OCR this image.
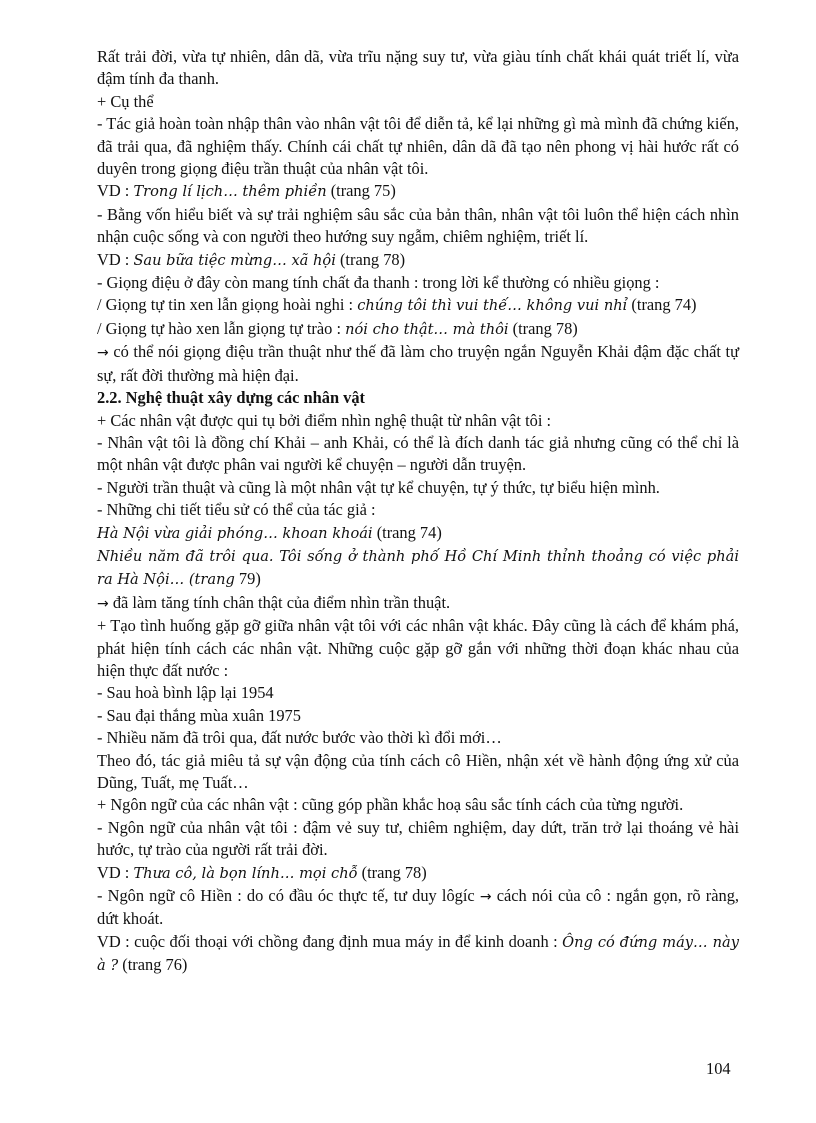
Rất trải đời, vừa tự nhiên, dân dã, vừa trĩu nặng suy tư, vừa giàu tính chất khái quát triết lí, vừa đậm tính đa thanh.

+ Cụ thể

- Tác giả hoàn toàn nhập thân vào nhân vật tôi để diễn tả, kể lại những gì mà mình đã chứng kiến, đã trải qua, đã nghiệm thấy. Chính cái chất tự nhiên, dân dã đã tạo nên phong vị hài hước rất có duyên trong giọng điệu trần thuật của nhân vật tôi.

VD : Trong lí lịch… thêm phiền (trang 75)

- Bằng vốn hiểu biết và sự trải nghiệm sâu sắc của bản thân, nhân vật tôi luôn thể hiện cách nhìn nhận cuộc sống và con người theo hướng suy ngẫm, chiêm nghiệm, triết lí.

VD : Sau bữa tiệc mừng… xã hội (trang 78)

- Giọng điệu ở đây còn mang tính chất đa thanh : trong lời kể thường có nhiều giọng :

/ Giọng tự tin xen lẫn giọng hoài nghi : chúng tôi thì vui thế… không vui nhỉ (trang 74)

/ Giọng tự hào xen lẫn giọng tự trào : nói cho thật… mà thôi (trang 78)

→ có thể nói giọng điệu trần thuật như thế đã làm cho truyện ngắn Nguyễn Khải đậm đặc chất tự sự, rất đời thường mà hiện đại.

2.2. Nghệ thuật xây dựng các nhân vật

+ Các nhân vật được qui tụ bởi điểm nhìn nghệ thuật từ nhân vật tôi :

- Nhân vật tôi là đồng chí Khải – anh Khải, có thể là đích danh tác giả nhưng cũng có thể chỉ là một nhân vật được phân vai người kể chuyện – người dẫn truyện.

- Người trần thuật và cũng là một nhân vật tự kể chuyện, tự ý thức, tự biểu hiện mình.

- Những chi tiết tiểu sử có thể của tác giả :

Hà Nội vừa giải phóng… khoan khoái (trang 74)

Nhiều năm đã trôi qua. Tôi sống ở thành phố Hồ Chí Minh thỉnh thoảng có việc phải ra Hà Nội… (trang 79)

→ đã làm tăng tính chân thật của điểm nhìn trần thuật.

+ Tạo tình huống gặp gỡ giữa nhân vật tôi với các nhân vật khác. Đây cũng là cách để khám phá, phát hiện tính cách các nhân vật. Những cuộc gặp gỡ gắn với những thời đoạn khác nhau của hiện thực đất nước :

- Sau hoà bình lập lại 1954

- Sau đại thắng mùa xuân 1975

- Nhiều năm đã trôi qua, đất nước bước vào thời kì đổi mới…

Theo đó, tác giả miêu tả sự vận động của tính cách cô Hiền, nhận xét về hành động ứng xử của Dũng, Tuất, mẹ Tuất…

+ Ngôn ngữ của các nhân vật : cũng góp phần khắc hoạ sâu sắc tính cách của từng người.

- Ngôn ngữ của nhân vật tôi : đậm vẻ suy tư, chiêm nghiệm, day dứt, trăn trở lại thoáng vẻ hài hước, tự trào của người rất trải đời.

VD : Thưa cô, là bọn lính… mọi chỗ (trang 78)

- Ngôn ngữ cô Hiền : do có đầu óc thực tế, tư duy lôgíc → cách nói của cô : ngắn gọn, rõ ràng, dứt khoát.

VD : cuộc đối thoại với chồng đang định mua máy in để kinh doanh : Ông có đứng máy… này à ? (trang 76)

104
